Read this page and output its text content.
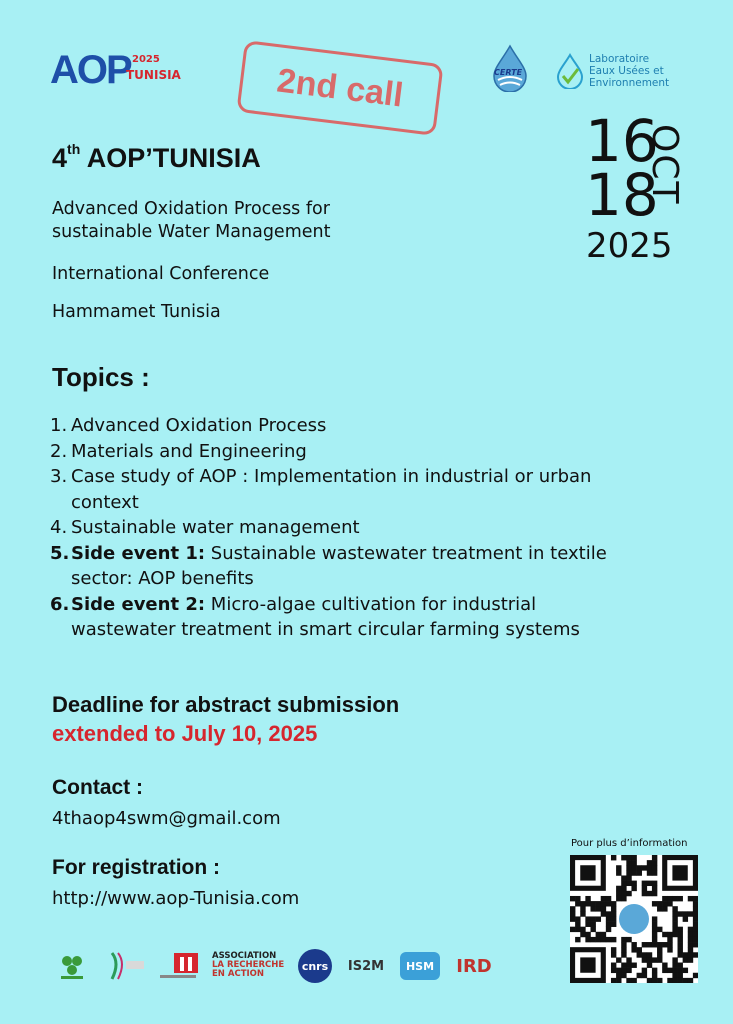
AOP 2025
TUNISIA	2nd call	CERTE
Laboratoire
Eaux Usées et
Environnement
4th AOP’TUNISIA
Advanced Oxidation Process for
sustainable Water Management
International Conference
Hammamet Tunisia
16
18
OCT
2025
Topics :
1. Advanced Oxidation Process
2. Materials and Engineering
3. Case study of AOP : Implementation in industrial or urban context
4. Sustainable water management
5. Side event 1: Sustainable wastewater treatment in textile sector: AOP benefits
6. Side event 2: Micro-algae cultivation for industrial wastewater treatment in smart circular farming systems
Deadline for abstract submission
extended to July 10, 2025
Contact :
4thaop4swm@gmail.com
For registration :
http://www.aop-Tunisia.com
Pour plus d’information
ASSOCIATION
LA RECHERCHE
EN ACTION
cnrs	IS2M	HSM	IRD
